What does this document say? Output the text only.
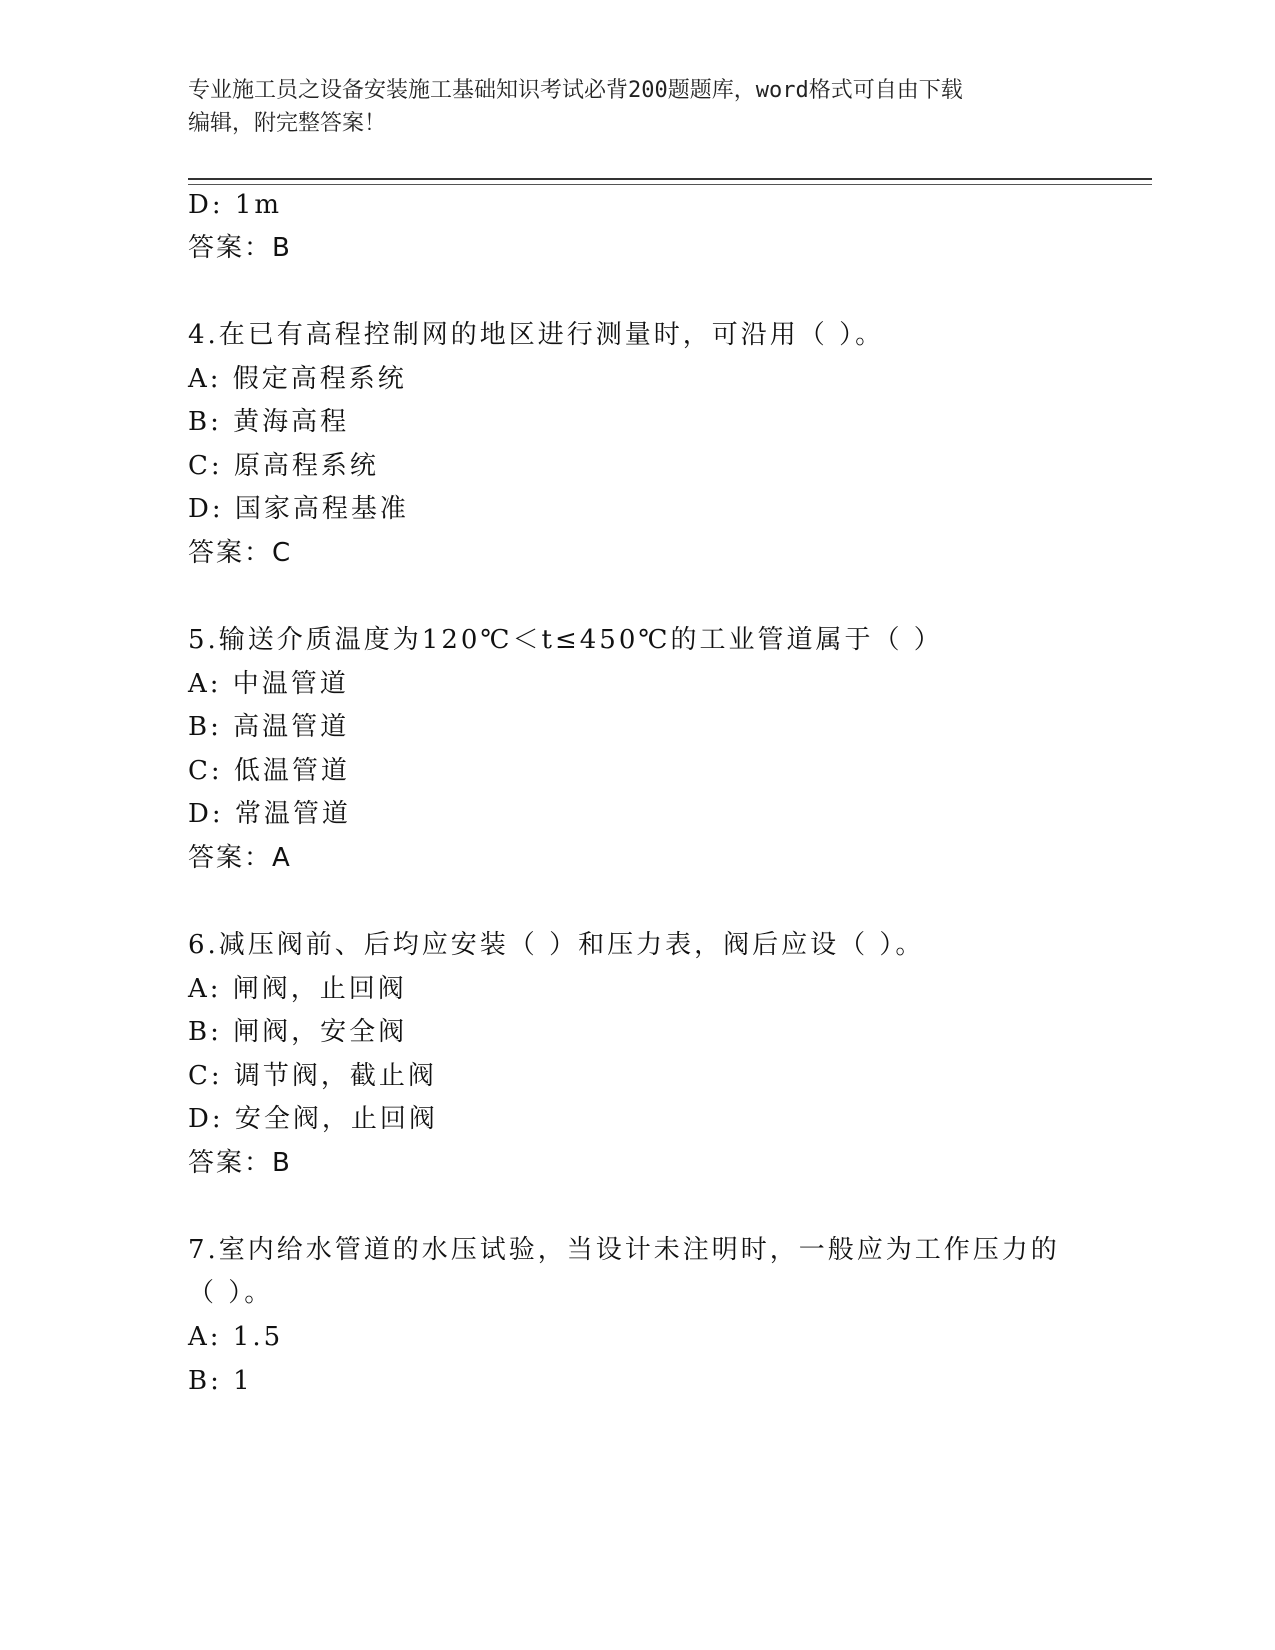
专业施工员之设备安装施工基础知识考试必背200题题库，word格式可自由下载
编辑，附完整答案！
D: 1m
答案：B
4.在已有高程控制网的地区进行测量时，可沿用（ ）。
A: 假定高程系统
B: 黄海高程
C: 原高程系统
D: 国家高程基准
答案：C
5.输送介质温度为120℃＜t≤450℃的工业管道属于（ ）
A: 中温管道
B: 高温管道
C: 低温管道
D: 常温管道
答案：A
6.减压阀前、后均应安装（ ）和压力表，阀后应设（ ）。
A: 闸阀，止回阀
B: 闸阀，安全阀
C: 调节阀，截止阀
D: 安全阀，止回阀
答案：B
7.室内给水管道的水压试验，当设计未注明时，一般应为工作压力的
（ ）。
A: 1.5
B: 1
